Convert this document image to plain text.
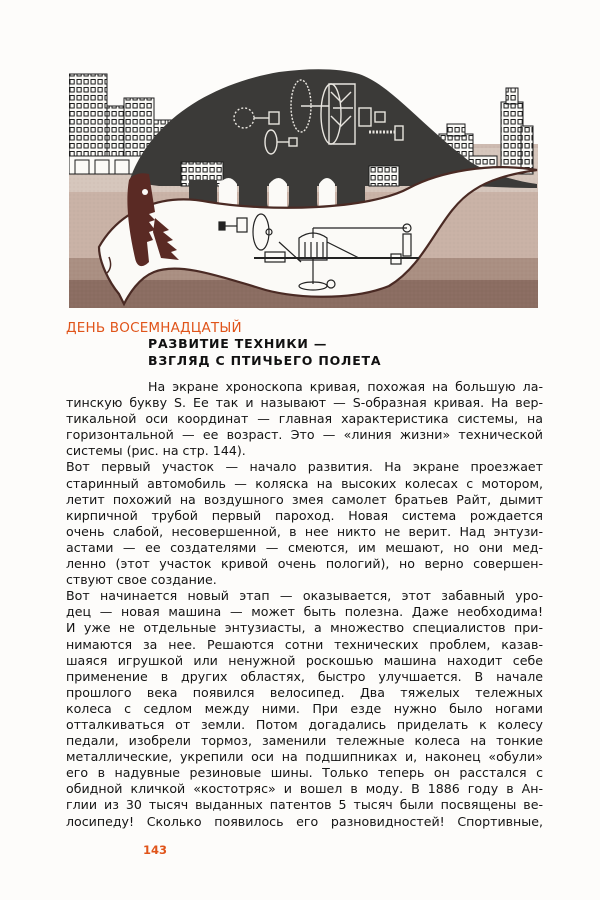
ДЕНЬ ВОСЕМНАДЦАТЫЙ
РАЗВИТИЕ ТЕХНИКИ —
ВЗГЛЯД С ПТИЧЬЕГО ПОЛЕТА
На экране хроноскопа кривая, похожая на большую ла-
тинскую букву S. Ее так и называют — S-образная кривая. На вер-
тикальной оси координат — главная характеристика системы, на
горизонтальной — ее возраст. Это — «линия жизни» технической
системы (рис. на стр. 144).
Вот первый участок — начало развития. На экране проезжает
старинный автомобиль — коляска на высоких колесах с мотором,
летит похожий на воздушного змея самолет братьев Райт, дымит
кирпичной трубой первый пароход. Новая система рождается
очень слабой, несовершенной, в нее никто не верит. Над энтузи-
астами — ее создателями — смеются, им мешают, но они мед-
ленно (этот участок кривой очень пологий), но верно совершен-
ствуют свое создание.
Вот начинается новый этап — оказывается, этот забавный уро-
дец — новая машина — может быть полезна. Даже необходима!
И уже не отдельные энтузиасты, а множество специалистов при-
нимаются за нее. Решаются сотни технических проблем, казав-
шаяся игрушкой или ненужной роскошью машина находит себе
применение в других областях, быстро улучшается. В начале
прошлого века появился велосипед. Два тяжелых тележных
колеса с седлом между ними. При езде нужно было ногами
отталкиваться от земли. Потом догадались приделать к колесу
педали, изобрели тормоз, заменили тележные колеса на тонкие
металлические, укрепили оси на подшипниках и, наконец «обули»
его в надувные резиновые шины. Только теперь он расстался с
обидной кличкой «костотряс» и вошел в моду. В 1886 году в Ан-
глии из 30 тысяч выданных патентов 5 тысяч были посвящены ве-
лосипеду! Сколько появилось его разновидностей! Спортивные,
143
